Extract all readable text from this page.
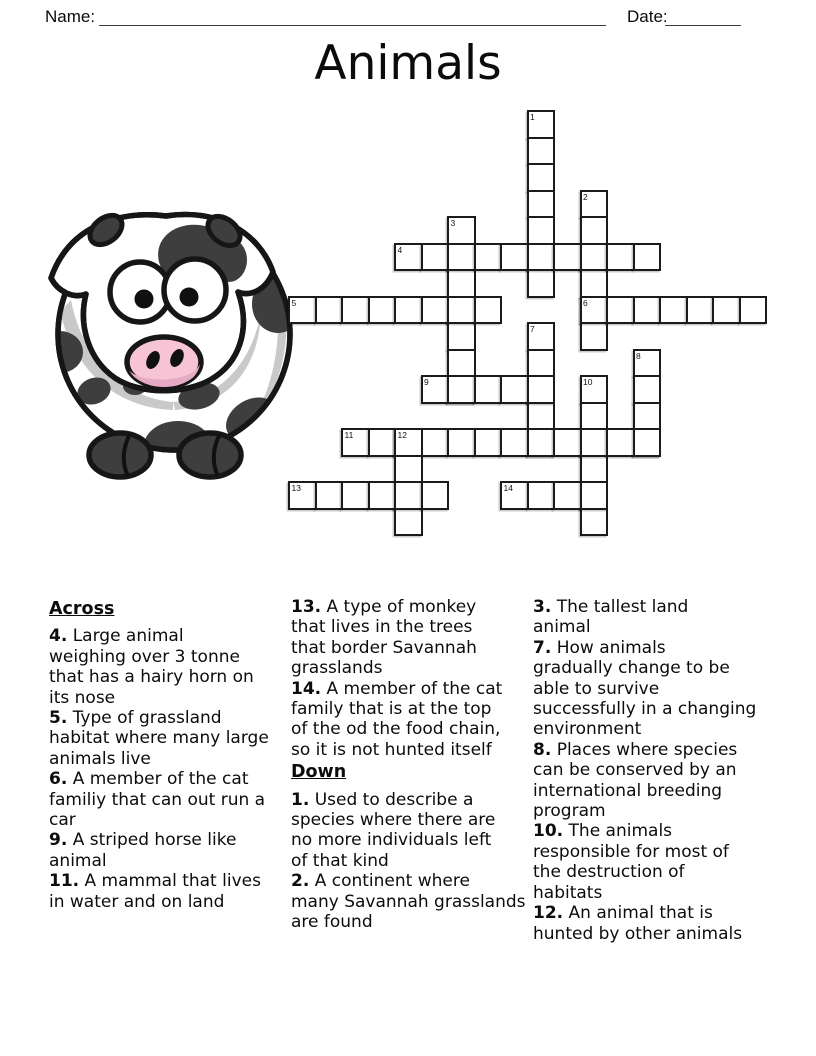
Name:	Date:
Animals
1
2
3
4
5	6
7
8
9	10
11	12
13	14
Across

4. Large animal
weighing over 3 tonne
that has a hairy horn on
its nose

5. Type of grassland
habitat where many large
animals live

6. A member of the cat
familiy that can out run a
car

9. A striped horse like
animal

11. A mammal that lives
in water and on land

13. A type of monkey
that lives in the trees
that border Savannah
grasslands

14. A member of the cat
family that is at the top
of the od the food chain,
so it is not hunted itself

Down

1. Used to describe a
species where there are
no more individuals left
of that kind

2. A continent where
many Savannah grasslands
are found

3. The tallest land
animal

7. How animals
gradually change to be
able to survive
successfully in a changing
environment

8. Places where species
can be conserved by an
international breeding
program

10. The animals
responsible for most of
the destruction of
habitats

12. An animal that is
hunted by other animals
